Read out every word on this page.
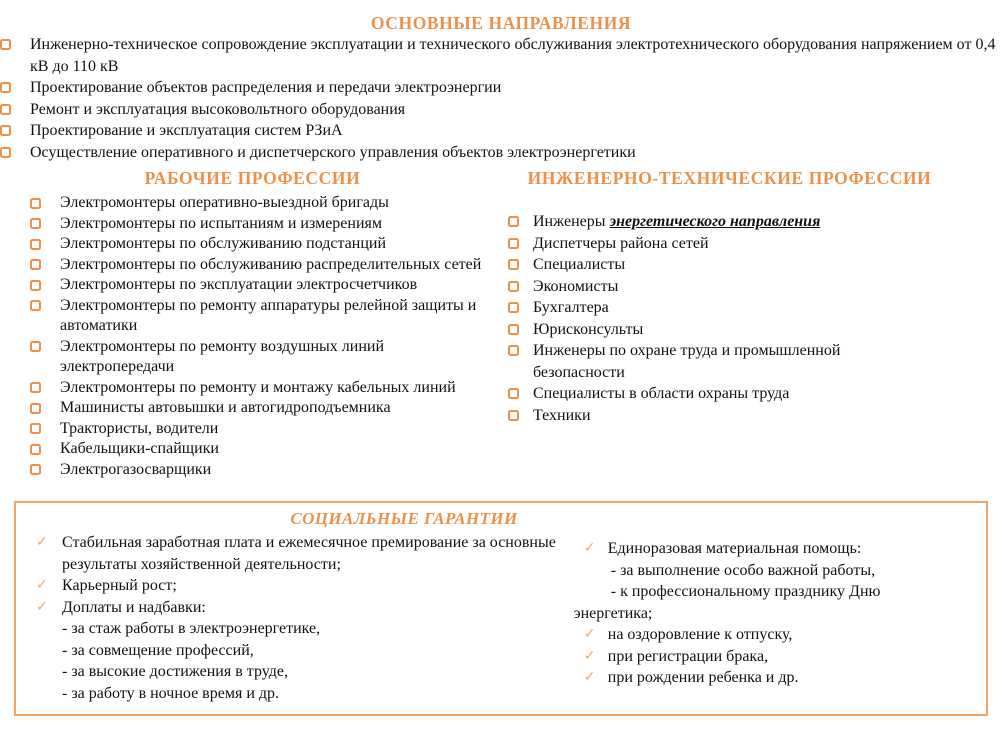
ОСНОВНЫЕ НАПРАВЛЕНИЯ
Инженерно-техническое сопровождение эксплуатации и технического обслуживания электротехнического оборудования напряжением от 0,4 кВ до 110 кВ
Проектирование объектов распределения и передачи электроэнергии
Ремонт и эксплуатация высоковольтного оборудования
Проектирование и эксплуатация систем РЗиА
Осуществление оперативного и диспетчерского управления объектов электроэнергетики
РАБОЧИЕ ПРОФЕССИИ
Электромонтеры оперативно-выездной бригады
Электромонтеры по испытаниям и измерениям
Электромонтеры по обслуживанию подстанций
Электромонтеры по обслуживанию распределительных сетей
Электромонтеры по эксплуатации электросчетчиков
Электромонтеры по ремонту аппаратуры релейной защиты и автоматики
Электромонтеры по ремонту воздушных линий электропередачи
Электромонтеры по ремонту и монтажу кабельных линий
Машинисты автовышки и автогидроподъемника
Трактористы, водители
Кабельщики-спайщики
Электрогазосварщики
ИНЖЕНЕРНО-ТЕХНИЧЕСКИЕ ПРОФЕССИИ
Инженеры энергетического направления
Диспетчеры района сетей
Специалисты
Экономисты
Бухгалтера
Юрисконсульты
Инженеры по охране труда и промышленной безопасности
Специалисты в области охраны труда
Техники
СОЦИАЛЬНЫЕ ГАРАНТИИ
✓ Стабильная заработная плата и ежемесячное премирование за основные результаты хозяйственной деятельности;
✓ Карьерный рост;
✓ Доплаты и надбавки:
- за стаж работы в электроэнергетике,
- за совмещение профессий,
- за высокие достижения в труде,
- за работу в ночное время и др.
✓ Единоразовая материальная помощь:
- за выполнение особо важной работы,
- к профессиональному празднику Дню
энергетика;
✓ на оздоровление к отпуску,
✓ при регистрации брака,
✓ при рождении ребенка и др.
